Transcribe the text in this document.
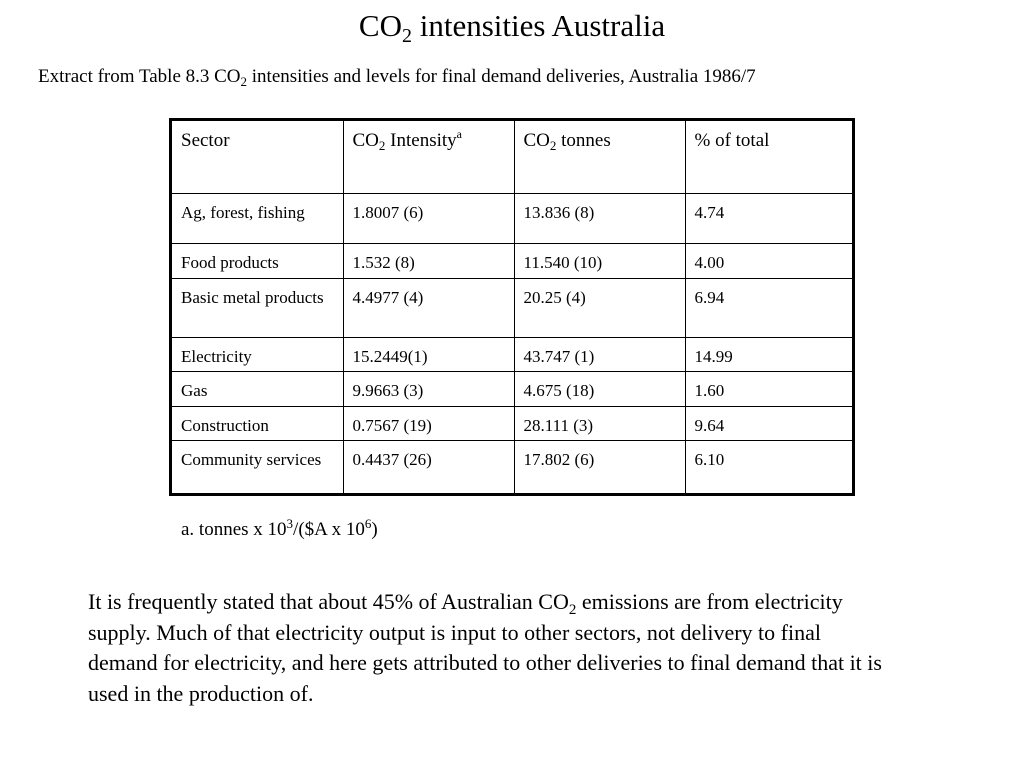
$CO_2$ intensities Australia
Extract from Table 8.3 $CO_2$ intensities and levels for final demand deliveries, Australia 1986/7
Sector	$CO_2$ Intensity$^a$	$CO_2$ tonnes	% of total
Ag, forest, fishing	1.8007 (6)	13.836 (8)	4.74
Food products	1.532 (8)	11.540 (10)	4.00
Basic metal products	4.4977 (4)	20.25 (4)	6.94
Electricity	15.2449(1)	43.747 (1)	14.99
Gas	9.9663 (3)	4.675 (18)	1.60
Construction	0.7567 (19)	28.111 (3)	9.64
Community services	0.4437 (26)	17.802 (6)	6.10
a. tonnes x $10^3/(\$A$ x $10^6$)
It is frequently stated that about 45% of Australian $CO_2$ emissions are from electricity supply. Much of that electricity output is input to other sectors, not delivery to final demand for electricity, and here gets attributed to other deliveries to final demand that it is used in the production of.
